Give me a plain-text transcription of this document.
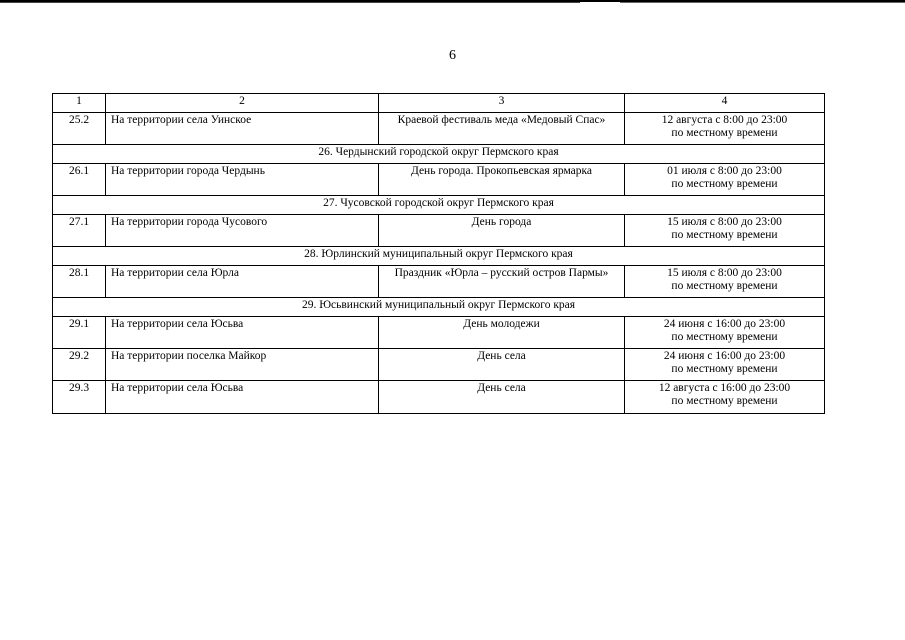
6
1	2	3	4
25.2	На территории села Уинское	Краевой фестиваль меда «Медовый Спас»	12 августа с 8:00 до 23:00
по местному времени
26. Чердынский городской округ Пермского края			
26.1	На территории города Чердынь	День города. Прокопьевская ярмарка	01 июля с 8:00 до 23:00
по местному времени
27. Чусовской городской округ Пермского края			
27.1	На территории города Чусового	День города	15 июля с 8:00 до 23:00
по местному времени
28. Юрлинский муниципальный округ Пермского края			
28.1	На территории села Юрла	Праздник «Юрла – русский остров Пармы»	15 июля с 8:00 до 23:00
по местному времени
29. Юсьвинский муниципальный округ Пермского края			
29.1	На территории села Юсьва	День молодежи	24 июня с 16:00 до 23:00
по местному времени
29.2	На территории поселка Майкор	День села	24 июня с 16:00 до 23:00
по местному времени
29.3	На территории села Юсьва	День села	12 августа с 16:00 до 23:00
по местному времени
